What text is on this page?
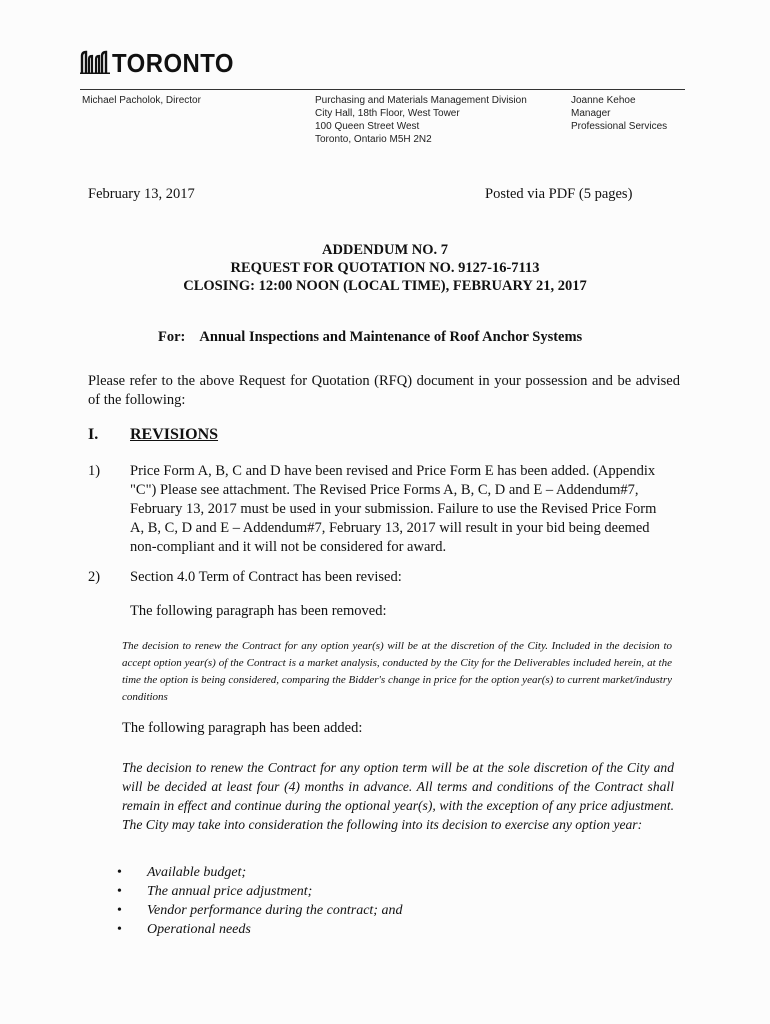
TORONTO
Michael Pacholok, Director	Purchasing and Materials Management Division
City Hall, 18th Floor, West Tower
100 Queen Street West
Toronto, Ontario M5H 2N2
Joanne Kehoe
Manager
Professional Services
February 13, 2017	Posted via PDF (5 pages)
ADDENDUM NO. 7
REQUEST FOR QUOTATION NO. 9127-16-7113
CLOSING: 12:00 NOON (LOCAL TIME), FEBRUARY 21, 2017
For: Annual Inspections and Maintenance of Roof Anchor Systems
Please refer to the above Request for Quotation (RFQ) document in your possession and be advised of the following:
I. REVISIONS
1) Price Form A, B, C and D have been revised and Price Form E has been added. (Appendix "C") Please see attachment. The Revised Price Forms A, B, C, D and E – Addendum#7, February 13, 2017 must be used in your submission. Failure to use the Revised Price Form A, B, C, D and E – Addendum#7, February 13, 2017 will result in your bid being deemed non-compliant and it will not be considered for award.
2) Section 4.0 Term of Contract has been revised:
The following paragraph has been removed:
The decision to renew the Contract for any option year(s) will be at the discretion of the City. Included in the decision to accept option year(s) of the Contract is a market analysis, conducted by the City for the Deliverables included herein, at the time the option is being considered, comparing the Bidder's change in price for the option year(s) to current market/industry conditions
The following paragraph has been added:
The decision to renew the Contract for any option term will be at the sole discretion of the City and will be decided at least four (4) months in advance. All terms and conditions of the Contract shall remain in effect and continue during the optional year(s), with the exception of any price adjustment. The City may take into consideration the following into its decision to exercise any option year:
• Available budget;
• The annual price adjustment;
• Vendor performance during the contract; and
• Operational needs
